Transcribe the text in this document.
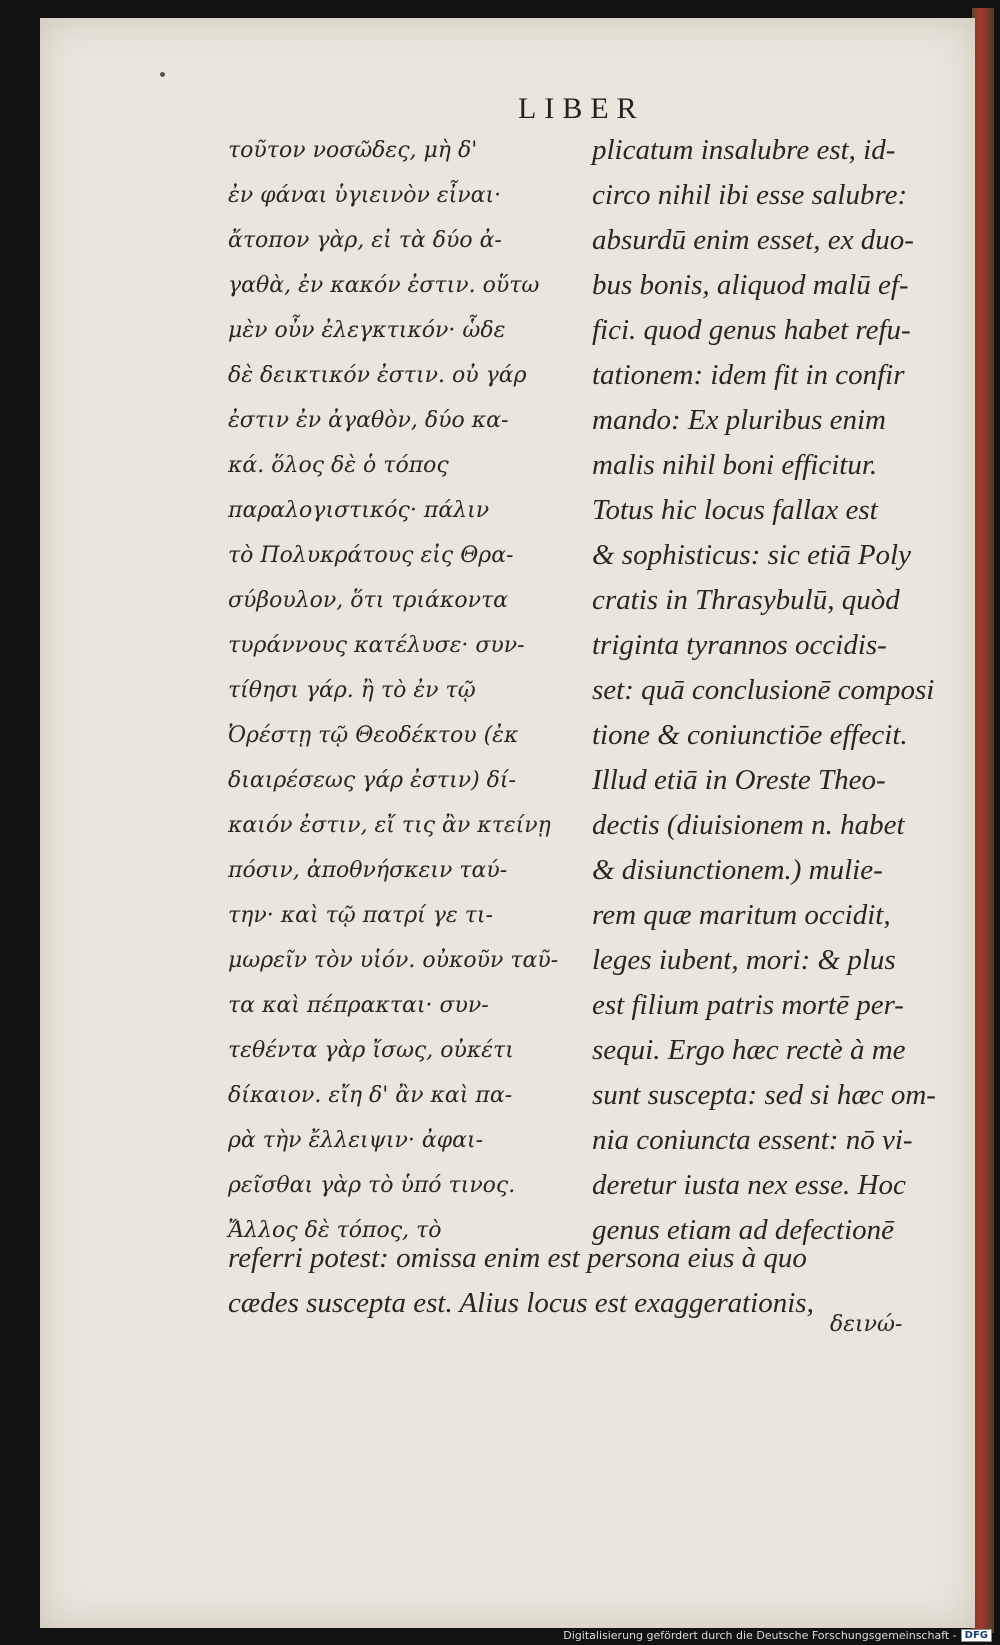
LIBER
τοῦτον νοσῶδες, μὴ δ'
ἐν φάναι ὑγιεινὸν εἶναι·
ἄτοπον γὰρ, εἰ τὰ δύο ἀ-
γαθὰ, ἐν κακόν ἐστιν. οὕτω
μὲν οὖν ἐλεγκτικόν· ὧδε
δὲ δεικτικόν ἐστιν. οὐ γάρ
ἐστιν ἐν ἀγαθὸν, δύο κα-
κά. ὅλος δὲ ὁ τόπος
παραλογιστικός· πάλιν
τὸ Πολυκράτους εἰς Θρα-
σύβουλον, ὅτι τριάκοντα
τυράννους κατέλυσε· συν-
τίθησι γάρ. ἢ τὸ ἐν τῷ
Ὀρέστῃ τῷ Θεοδέκτου (ἐκ
διαιρέσεως γάρ ἐστιν) δί-
καιόν ἐστιν, εἴ τις ἂν κτείνῃ
πόσιν, ἀποθνήσκειν ταύ-
την· καὶ τῷ πατρί γε τι-
μωρεῖν τὸν υἱόν. οὐκοῦν ταῦ-
τα καὶ πέπρακται· συν-
τεθέντα γὰρ ἴσως, οὐκέτι
δίκαιον. εἴη δ' ἂν καὶ πα-
ρὰ τὴν ἔλλειψιν· ἀφαι-
ρεῖσθαι γὰρ τὸ ὑπό τινος.
Ἄλλος δὲ τόπος, τὸ
plicatum insalubre est, id-
circo nihil ibi esse salubre:
absurdū enim esset, ex duo-
bus bonis, aliquod malū ef-
fici. quod genus habet refu-
tationem: idem fit in confir
mando: Ex pluribus enim
malis nihil boni efficitur.
Totus hic locus fallax est
& sophisticus: sic etiā Poly
cratis in Thrasybulū, quòd
triginta tyrannos occidis-
set: quā conclusionē composi
tione & coniunctiōe effecit.
Illud etiā in Oreste Theo-
dectis (diuisionem n. habet
& disiunctionem.) mulie-
rem quæ maritum occidit,
leges iubent, mori: & plus
est filium patris mortē per-
sequi. Ergo hæc rectè à me
sunt suscepta: sed si hæc om-
nia coniuncta essent: nō vi-
deretur iusta nex esse. Hoc
genus etiam ad defectionē
referri potest: omissa enim est persona eius à quo
cædes suscepta est. Alius locus est exaggerationis,
δεινώ-
Digitalisierung gefördert durch die Deutsche Forschungsgemeinschaft - DFG
